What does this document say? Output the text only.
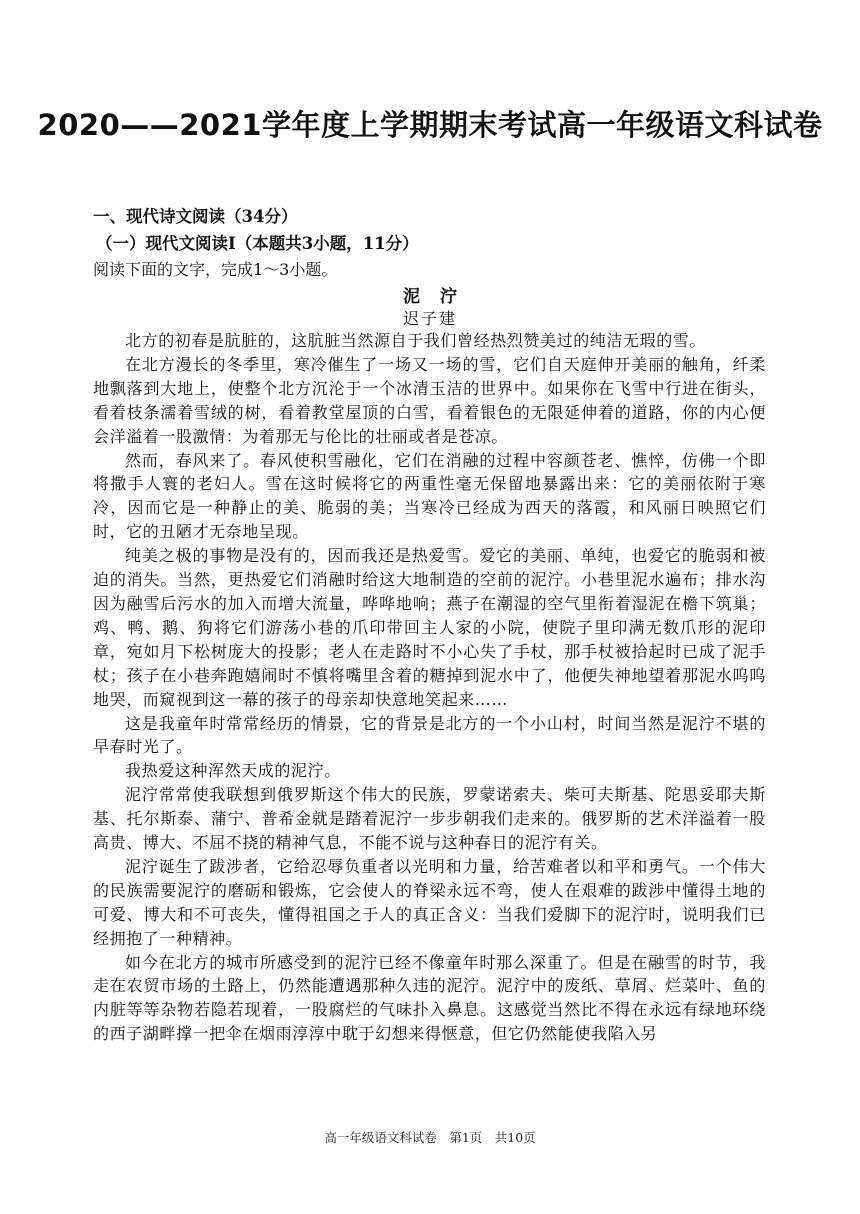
2020——2021学年度上学期期末考试高一年级语文科试卷
一、现代诗文阅读（34分）
（一）现代文阅读Ⅰ（本题共3小题，11分）
阅读下面的文字，完成1～3小题。
泥泞
迟子建

北方的初春是肮脏的，这肮脏当然源自于我们曾经热烈赞美过的纯洁无瑕的雪。

在北方漫长的冬季里，寒冷催生了一场又一场的雪，它们自天庭伸开美丽的触角，纤柔地飘落到大地上，使整个北方沉沦于一个冰清玉洁的世界中。如果你在飞雪中行进在街头，看着枝条濡着雪绒的树，看着教堂屋顶的白雪，看着银色的无限延伸着的道路，你的内心便会洋溢着一股激情：为着那无与伦比的壮丽或者是苍凉。

然而，春风来了。春风使积雪融化，它们在消融的过程中容颜苍老、憔悴，仿佛一个即将撒手人寰的老妇人。雪在这时候将它的两重性毫无保留地暴露出来：它的美丽依附于寒冷，因而它是一种静止的美、脆弱的美；当寒冷已经成为西天的落霞，和风丽日映照它们时，它的丑陋才无奈地呈现。

纯美之极的事物是没有的，因而我还是热爱雪。爱它的美丽、单纯，也爱它的脆弱和被迫的消失。当然，更热爱它们消融时给这大地制造的空前的泥泞。小巷里泥水遍布；排水沟因为融雪后污水的加入而增大流量，哗哗地响；燕子在潮湿的空气里衔着湿泥在檐下筑巢；鸡、鸭、鹅、狗将它们游荡小巷的爪印带回主人家的小院，使院子里印满无数爪形的泥印章，宛如月下松树庞大的投影；老人在走路时不小心失了手杖，那手杖被拾起时已成了泥手杖；孩子在小巷奔跑嬉闹时不慎将嘴里含着的糖掉到泥水中了，他便失神地望着那泥水呜呜地哭，而窥视到这一幕的孩子的母亲却快意地笑起来……

这是我童年时常常经历的情景，它的背景是北方的一个小山村，时间当然是泥泞不堪的早春时光了。

我热爱这种浑然天成的泥泞。

泥泞常常使我联想到俄罗斯这个伟大的民族，罗蒙诺索夫、柴可夫斯基、陀思妥耶夫斯基、托尔斯泰、蒲宁、普希金就是踏着泥泞一步步朝我们走来的。俄罗斯的艺术洋溢着一股高贵、博大、不屈不挠的精神气息，不能不说与这种春日的泥泞有关。

泥泞诞生了跋涉者，它给忍辱负重者以光明和力量，给苦难者以和平和勇气。一个伟大的民族需要泥泞的磨砺和锻炼，它会使人的脊梁永远不弯，使人在艰难的跋涉中懂得土地的可爱、博大和不可丧失，懂得祖国之于人的真正含义：当我们爱脚下的泥泞时，说明我们已经拥抱了一种精神。

如今在北方的城市所感受到的泥泞已经不像童年时那么深重了。但是在融雪的时节，我走在农贸市场的土路上，仍然能遭遇那种久违的泥泞。泥泞中的废纸、草屑、烂菜叶、鱼的内脏等等杂物若隐若现着，一股腐烂的气味扑入鼻息。这感觉当然比不得在永远有绿地环绕的西子湖畔撑一把伞在烟雨淳淳中耽于幻想来得惬意，但它仍然能使我陷入另

高一年级语文科试卷　第1页　共10页
